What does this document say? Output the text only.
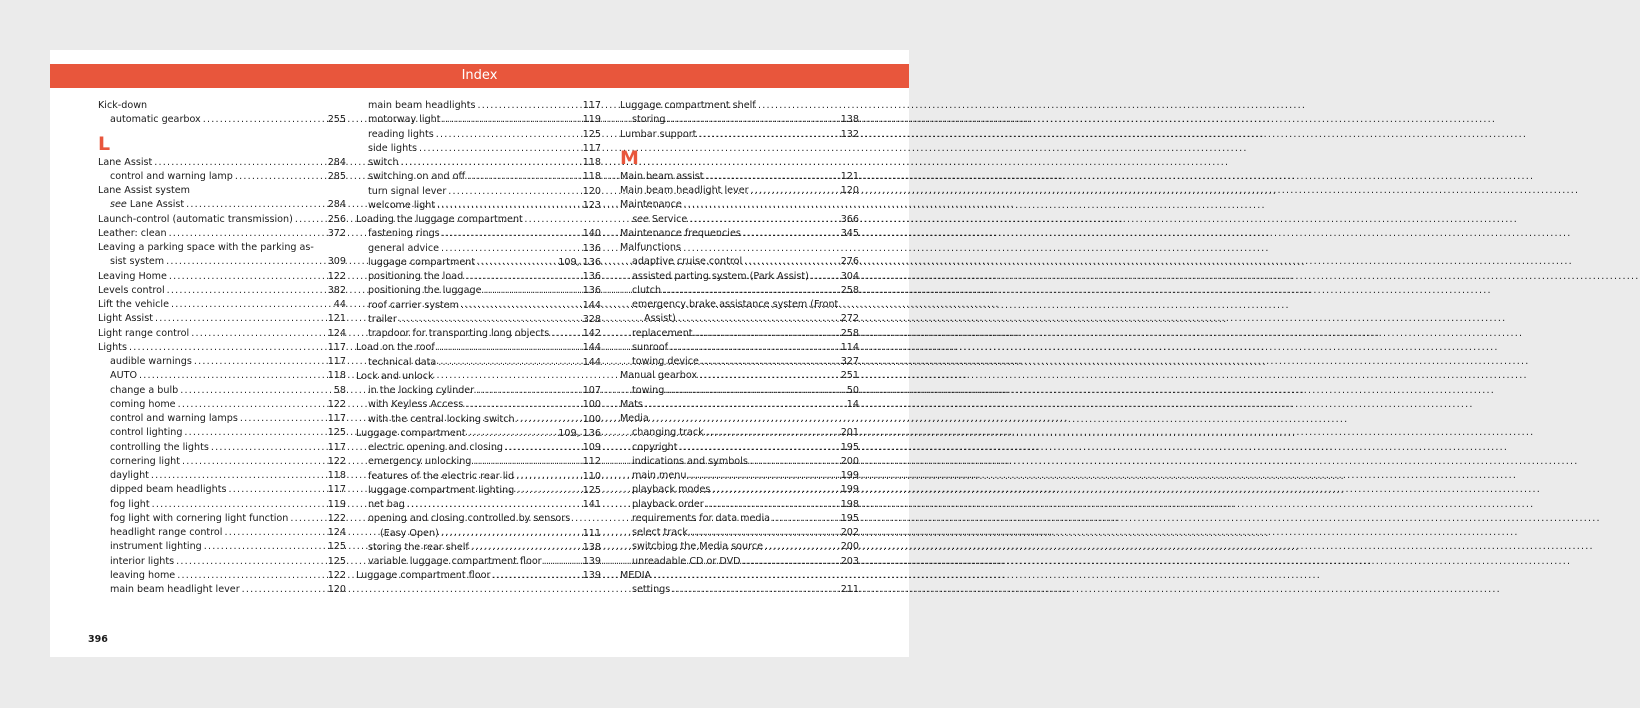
Index
Kick-down
automatic gearbox .....	255
L
Lane Assist .....	284
control and warning lamp .....	285
Lane Assist system
see Lane Assist .....	284
Launch-control (automatic transmission) .....	256
Leather: clean .....	372
Leaving a parking space with the parking as-
sist system .....	309
Leaving Home .....	122
Levels control .....	382
Lift the vehicle .....	44
Light Assist .....	121
Light range control .....	124
Lights .....	117
audible warnings .....	117
AUTO .....	118
change a bulb .....	58
coming home .....	122
control and warning lamps .....	117
control lighting .....	125
controlling the lights .....	117
cornering light .....	122
daylight .....	118
dipped beam headlights .....	117
fog light .....	119
fog light with cornering light function .....	122
headlight range control .....	124
instrument lighting .....	125
interior lights .....	125
leaving home .....	122
main beam headlight lever .....	120
main beam headlights .....	117
motorway light .....	119
reading lights .....	125
side lights .....	117
switch .....	118
switching on and off .....	118
turn signal lever .....	120
welcome light .....	123
Loading the luggage compartment
fastening rings .....	140
general advice .....	136
luggage compartment .....	109, 136
positioning the load .....	136
positioning the luggage .....	136
roof carrier system .....	144
trailer .....	328
trapdoor for transporting long objects .....	142
Load on the roof .....	144
technical data .....	144
Lock and unlock
in the locking cylinder .....	107
with Keyless Access .....	100
with the central locking switch. .....	100
Luggage compartment .....	109, 136
electric opening and closing .....	109
emergency unlocking .....	112
features of the electric rear lid .....	110
luggage compartment lighting .....	125
net bag .....	141
opening and closing controlled by sensors
(Easy Open) .....	111
storing the rear shelf .....	138
variable luggage compartment floor .....	139
Luggage compartment floor .....	139
Luggage compartment shelf
storing .....	138
Lumbar support .....	132
M
Main beam assist .....	121
Main beam headlight lever .....	120
Maintenance
see Service .....	366
Maintenance frequencies .....	345
Malfunctions
adaptive cruise control .....	276
assisted parting system (Park Assist) .....	304
clutch .....	258
emergency brake assistance system (Front
Assist) .....	272
replacement .....	258
sunroof .....	114
towing device .....	327
Manual gearbox .....	251
towing .....	50
Mats .....	14
Media
changing track .....	201
copyright .....	195
indications and symbols .....	200
main menu .....	199
playback modes .....	199
playback order .....	198
requirements for data media .....	195
select track .....	202
switching the Media source .....	200
unreadable CD or DVD .....	203
MEDIA
settings .....	211
396
